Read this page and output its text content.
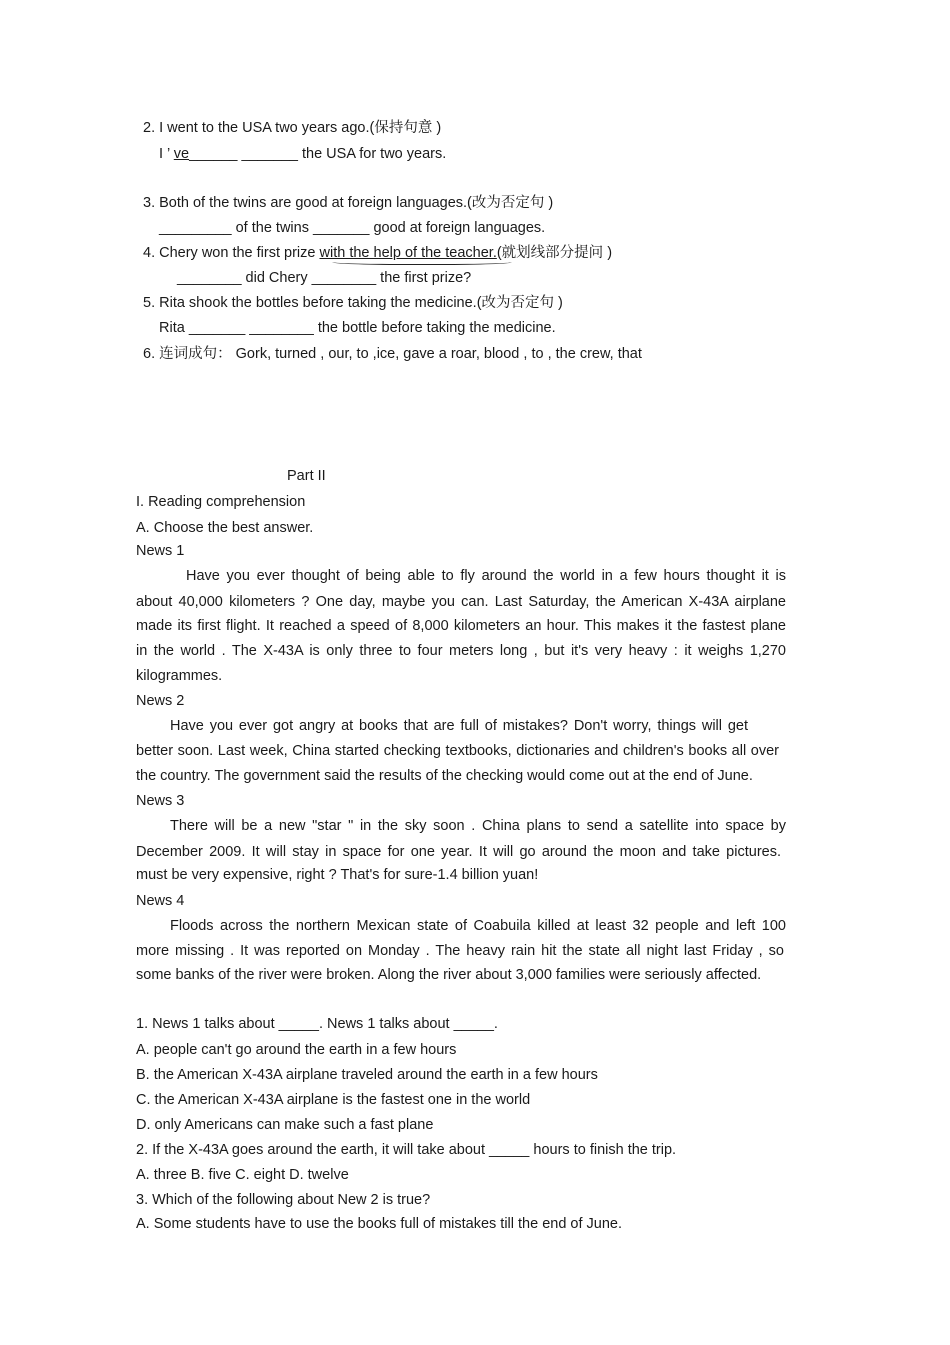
2. I went to the USA two years ago.(保持句意 )
I ’ ve______ _______ the USA for two years.
3. Both of the twins are good at foreign languages.(改为否定句 )
_________ of the twins _______ good at foreign languages.
4. Chery won the first prize with the help of the teacher.(就划线部分提问 )
________ did Chery ________ the first prize?
5. Rita shook the bottles before taking the medicine.(改为否定句 )
Rita _______ ________ the bottle before taking the medicine.
6. 连词成句： Gork, turned , our, to ,ice, gave a roar, blood , to , the crew, that
Part II
I. Reading comprehension
A. Choose the best answer.
News 1
Have you ever thought of being able to fly around the world in a few hours thought it is
about 40,000 kilometers ? One day, maybe you can. Last Saturday, the American X-43A airplane
made its first flight. It reached a speed of 8,000 kilometers an hour. This makes it the fastest plane
in the world . The X-43A is only three to four meters long , but it's very heavy : it weighs 1,270
kilogrammes.
News 2
Have you ever got angry at books that are full of mistakes? Don't worry, things will get
better soon. Last week, China started checking textbooks, dictionaries and children's books all over
the country. The government said the results of the checking would come out at the end of June.
News 3
There will be a new "star " in the sky soon . China plans to send a satellite into space by
December 2009. It will stay in space for one year. It will go around the moon and take pictures.
must be very expensive, right ? That's for sure-1.4 billion yuan!
News 4
Floods across the northern Mexican state of Coabuila killed at least 32 people and left 100
more missing . It was reported on Monday . The heavy rain hit the state all night last Friday , so
some banks of the river were broken. Along the river about 3,000 families were seriously affected.
1. News 1 talks about _____. News 1 talks about _____.
A. people can't go around the earth in a few hours
B. the American X-43A airplane traveled around the earth in a few hours
C. the American X-43A airplane is the fastest one in the world
D. only Americans can make such a fast plane
2. If the X-43A goes around the earth, it will take about _____ hours to finish the trip.
A. three B. five C. eight D. twelve
3. Which of the following about New 2 is true?
A. Some students have to use the books full of mistakes till the end of June.
